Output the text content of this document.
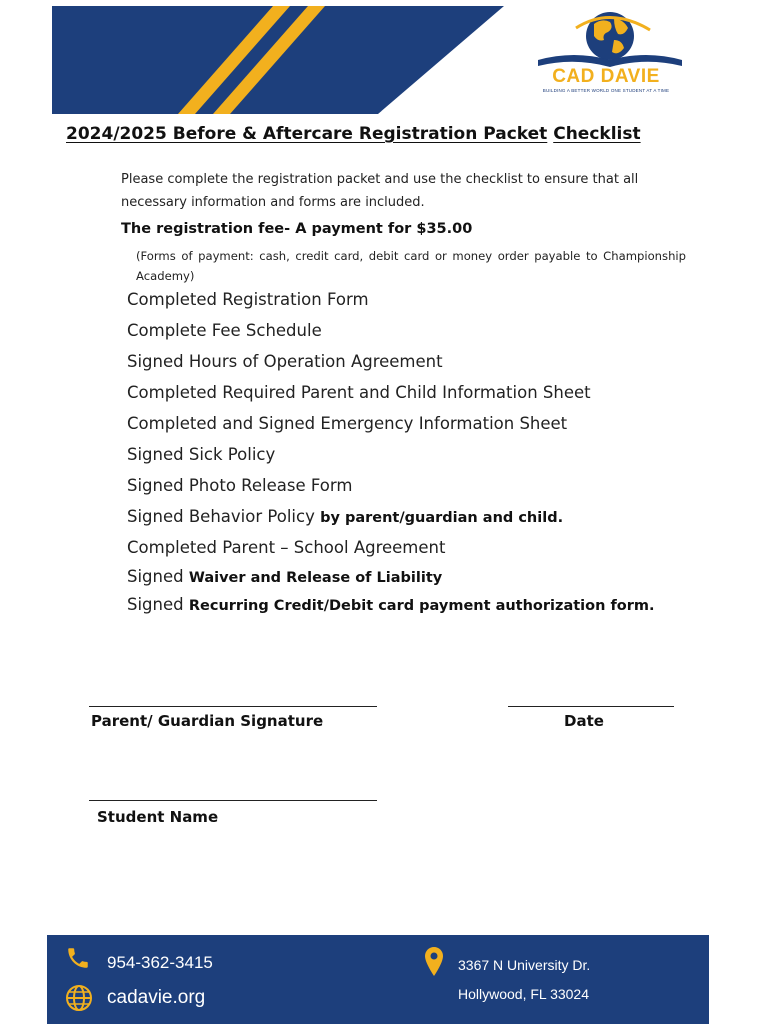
CAD DAVIE
BUILDING A BETTER WORLD ONE STUDENT AT A TIME
2024/2025 Before & Aftercare Registration Packet Checklist
Please complete the registration packet and use the checklist to ensure that all necessary information and forms are included.
The registration fee- A payment for $35.00
(Forms of payment: cash, credit card, debit card or money order payable to Championship Academy)
Completed Registration Form
Complete Fee Schedule
Signed Hours of Operation Agreement
Completed Required Parent and Child Information Sheet
Completed and Signed Emergency Information Sheet
Signed Sick Policy
Signed Photo Release Form
Signed Behavior Policy by parent/guardian and child.
Completed Parent – School Agreement
Signed Waiver and Release of Liability
Signed Recurring Credit/Debit card payment authorization form.
Parent/ Guardian Signature	Date
Student Name
954-362-3415
cadavie.org
3367 N University Dr.
Hollywood, FL 33024
